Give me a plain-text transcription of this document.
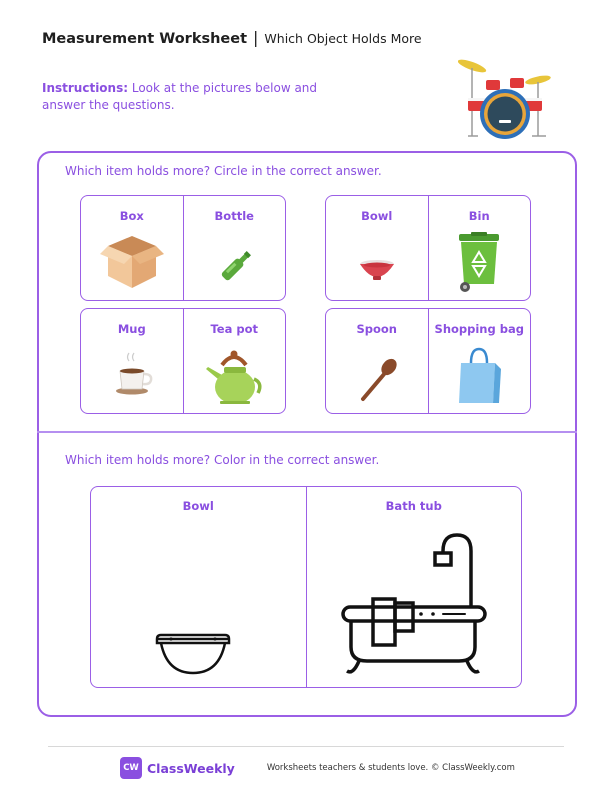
Measurement Worksheet | Which Object Holds More
Instructions: Look at the pictures below and answer the questions.
Which item holds more? Circle in the correct answer.
Box	Bottle	Bowl	Bin
Mug	Tea pot	Spoon	Shopping bag
Which item holds more? Color in the correct answer.
Bowl	Bath tub
CW ClassWeekly	Worksheets teachers & students love. © ClassWeekly.com
